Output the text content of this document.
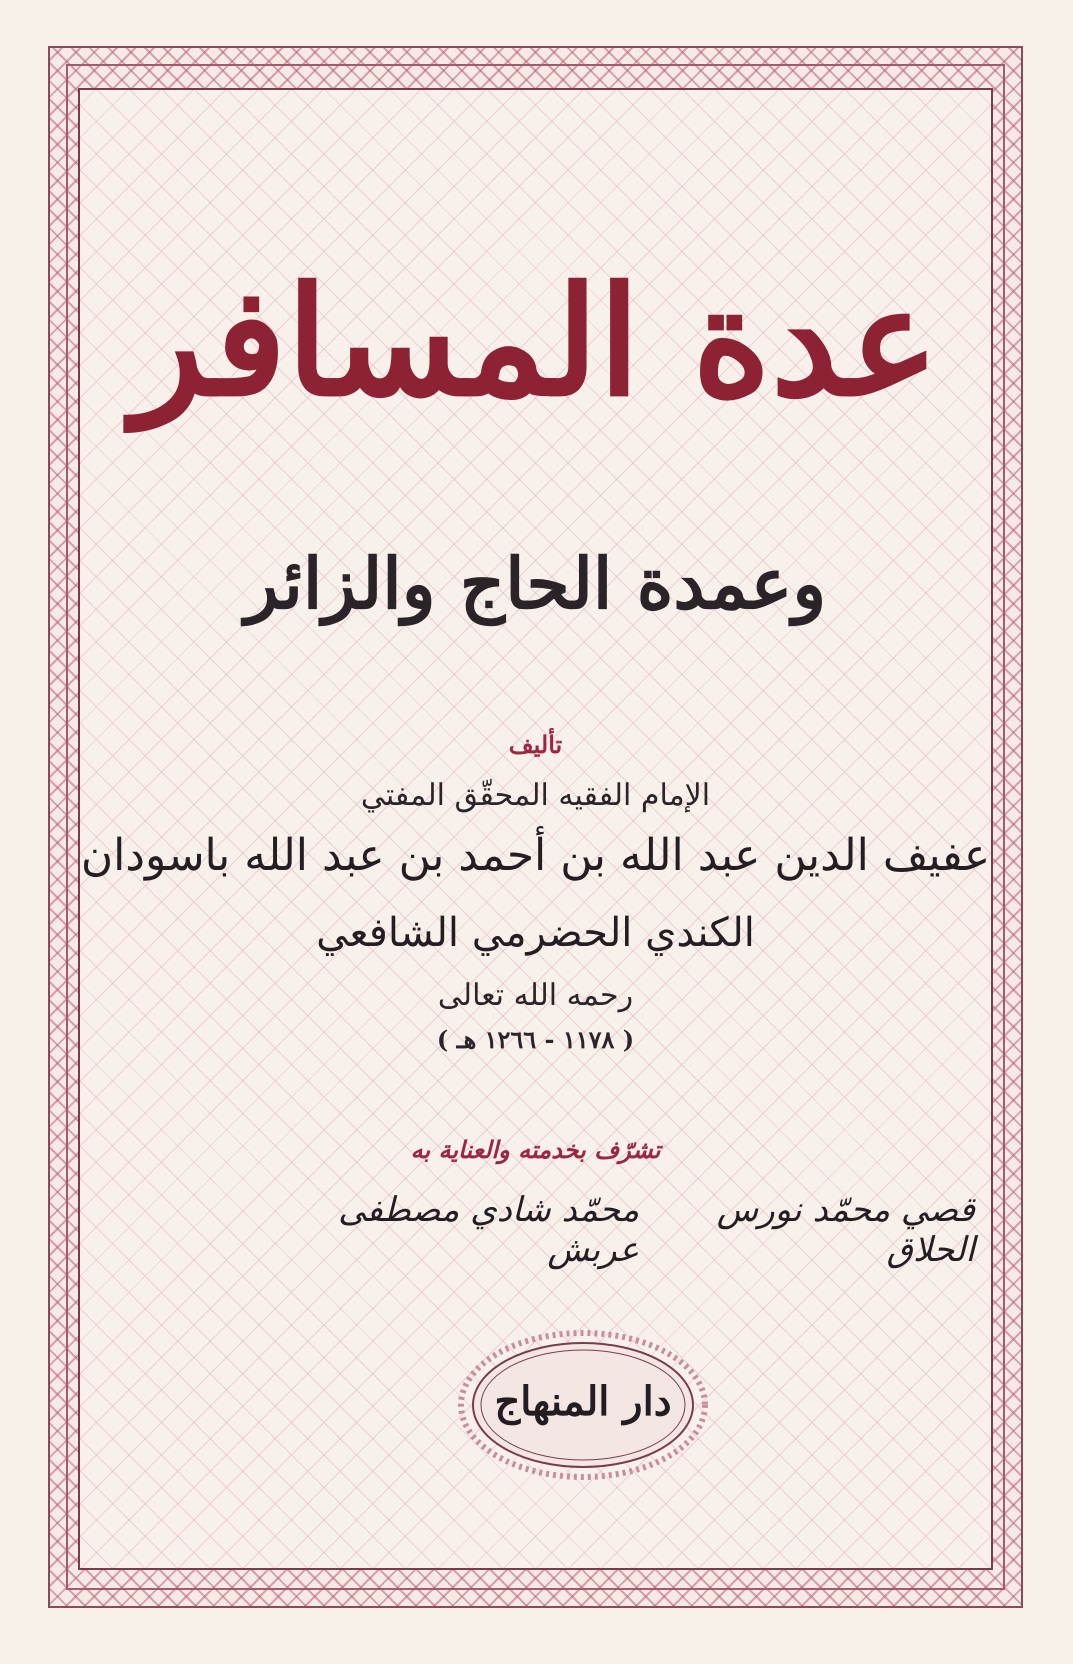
عدة المسافر
وعمدة الحاج والزائر
تأليف
الإمام الفقيه المحقّق المفتي
عفيف الدين عبد الله بن أحمد بن عبد الله باسودان
الكندي الحضرمي الشافعي
رحمه الله تعالى
( ١١٧٨ - ١٢٦٦ هـ )
تشرّف بخدمته والعناية به
محمّد شادي مصطفى عربش
قصي محمّد نورس الحلاق
دار المنهاج
